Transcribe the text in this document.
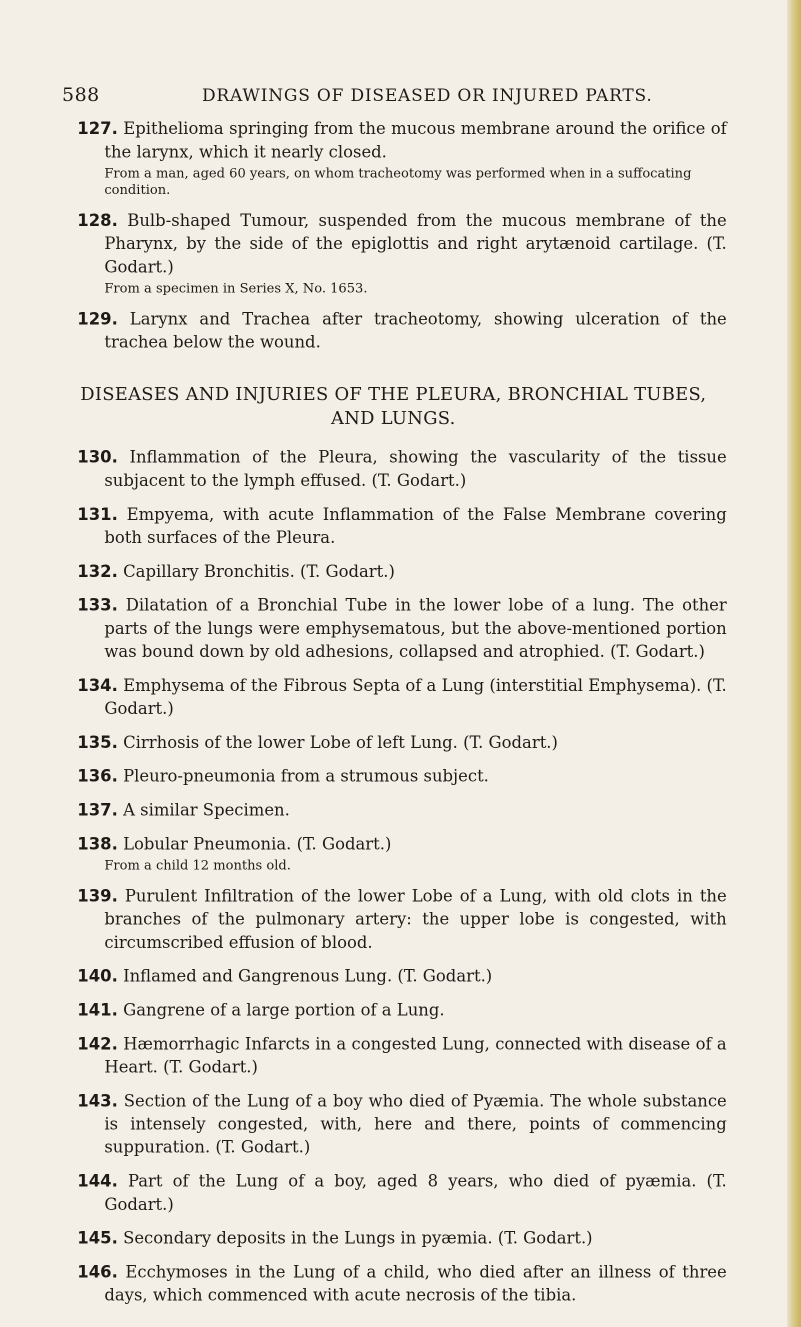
588	DRAWINGS OF DISEASED OR INJURED PARTS.

127. Epithelioma springing from the mucous membrane around the orifice of the larynx, which it nearly closed.

From a man, aged 60 years, on whom tracheotomy was performed when in a suffocating condition.

128. Bulb-shaped Tumour, suspended from the mucous membrane of the Pharynx, by the side of the epiglottis and right arytænoid cartilage. (T. Godart.)

From a specimen in Series X, No. 1653.

129. Larynx and Trachea after tracheotomy, showing ulceration of the trachea below the wound.

DISEASES AND INJURIES OF THE PLEURA, BRONCHIAL TUBES, AND LUNGS.

130. Inflammation of the Pleura, showing the vascularity of the tissue subjacent to the lymph effused. (T. Godart.)

131. Empyema, with acute Inflammation of the False Membrane covering both surfaces of the Pleura.

132. Capillary Bronchitis. (T. Godart.)

133. Dilatation of a Bronchial Tube in the lower lobe of a lung. The other parts of the lungs were emphysematous, but the above-mentioned portion was bound down by old adhesions, collapsed and atrophied. (T. Godart.)

134. Emphysema of the Fibrous Septa of a Lung (interstitial Emphysema). (T. Godart.)

135. Cirrhosis of the lower Lobe of left Lung. (T. Godart.)

136. Pleuro-pneumonia from a strumous subject.

137. A similar Specimen.

138. Lobular Pneumonia. (T. Godart.)

From a child 12 months old.

139. Purulent Infiltration of the lower Lobe of a Lung, with old clots in the branches of the pulmonary artery: the upper lobe is congested, with circumscribed effusion of blood.

140. Inflamed and Gangrenous Lung. (T. Godart.)

141. Gangrene of a large portion of a Lung.

142. Hæmorrhagic Infarcts in a congested Lung, connected with disease of a Heart. (T. Godart.)

143. Section of the Lung of a boy who died of Pyæmia. The whole substance is intensely congested, with, here and there, points of commencing suppuration. (T. Godart.)

144. Part of the Lung of a boy, aged 8 years, who died of pyæmia. (T. Godart.)

145. Secondary deposits in the Lungs in pyæmia. (T. Godart.)

146. Ecchymoses in the Lung of a child, who died after an illness of three days, which commenced with acute necrosis of the tibia.
